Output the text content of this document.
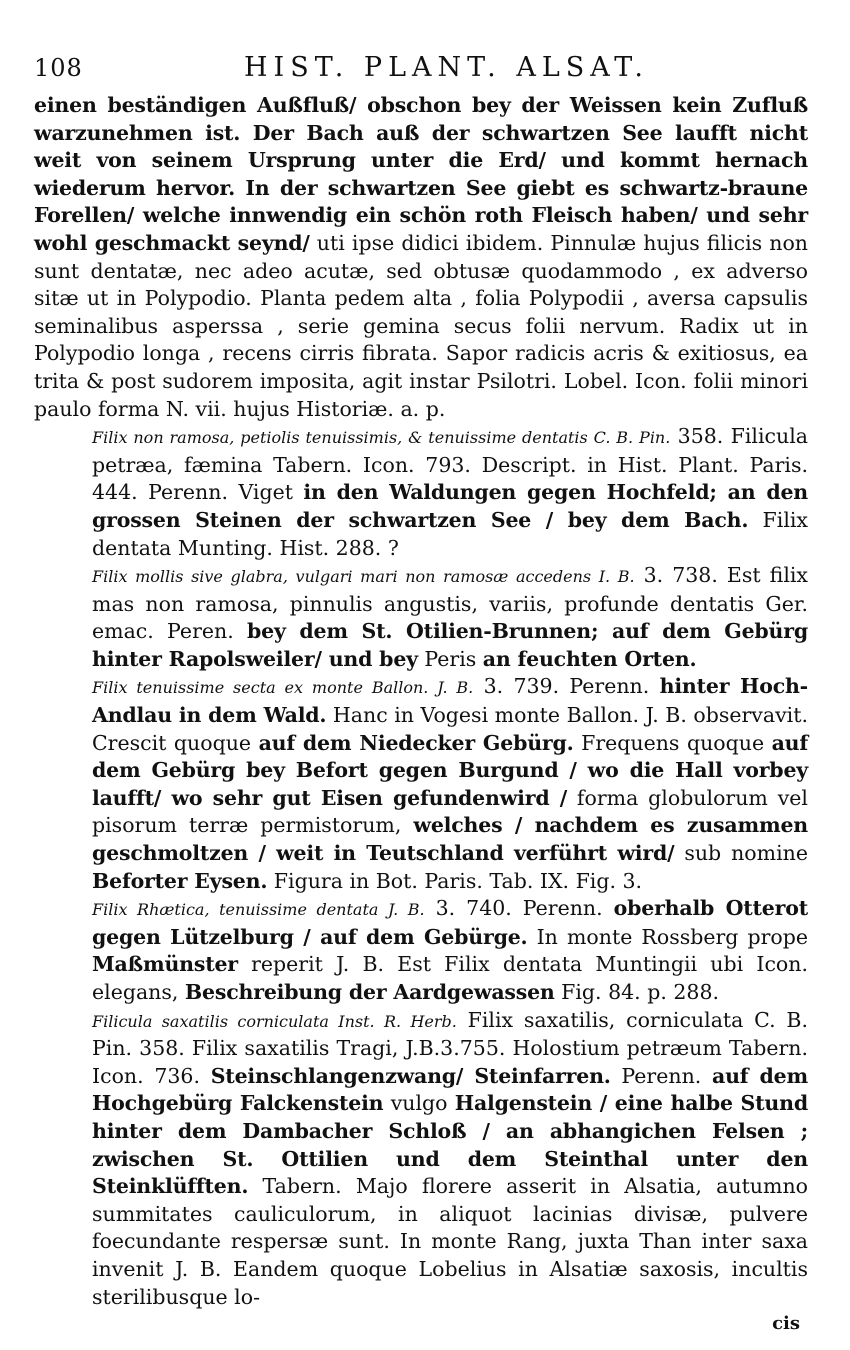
108	HIST. PLANT. ALSAT.

einen beständigen Außfluß/ obschon bey der Weissen kein Zufluß warzunehmen ist. Der Bach auß der schwartzen See laufft nicht weit von seinem Ursprung unter die Erd/ und kommt hernach wiederum hervor. In der schwartzen See giebt es schwartz-braune Forellen/ welche innwendig ein schön roth Fleisch haben/ und sehr wohl geschmackt seynd/ uti ipse didici ibidem. Pinnulæ hujus filicis non sunt dentatæ, nec adeo acutæ, sed obtusæ quodammodo , ex adverso sitæ ut in Polypodio. Planta pedem alta , folia Polypodii , aversa capsulis seminalibus asperssa , serie gemina secus folii nervum. Radix ut in Polypodio longa , recens cirris fibrata. Sapor radicis acris & exitiosus, ea trita & post sudorem imposita, agit instar Psilotri. Lobel. Icon. folii minori paulo forma N. vii. hujus Historiæ. a. p.

Filix non ramosa, petiolis tenuissimis, & tenuissime dentatis C. B. Pin. 358. Filicula petræa, fæmina Tabern. Icon. 793. Descript. in Hist. Plant. Paris. 444. Perenn. Viget in den Waldungen gegen Hochfeld; an den grossen Steinen der schwartzen See / bey dem Bach. Filix dentata Munting. Hist. 288. ?

Filix mollis sive glabra, vulgari mari non ramosæ accedens I. B. 3. 738. Est filix mas non ramosa, pinnulis angustis, variis, profunde dentatis Ger. emac. Peren. bey dem St. Otilien-Brunnen; auf dem Gebürg hinter Rapolsweiler/ und bey Peris an feuchten Orten.

Filix tenuissime secta ex monte Ballon. J. B. 3. 739. Perenn. hinter Hoch-Andlau in dem Wald. Hanc in Vogesi monte Ballon. J. B. observavit. Crescit quoque auf dem Niedecker Gebürg. Frequens quoque auf dem Gebürg bey Befort gegen Burgund / wo die Hall vorbey laufft/ wo sehr gut Eisen gefundenwird / forma globulorum vel pisorum terræ permistorum, welches / nachdem es zusammen geschmoltzen / weit in Teutschland verführt wird/ sub nomine Beforter Eysen. Figura in Bot. Paris. Tab. IX. Fig. 3.

Filix Rhætica, tenuissime dentata J. B. 3. 740. Perenn. oberhalb Otterot gegen Lützelburg / auf dem Gebürge. In monte Rossberg prope Maßmünster reperit J. B. Est Filix dentata Muntingii ubi Icon. elegans, Beschreibung der Aardgewassen Fig. 84. p. 288.

Filicula saxatilis corniculata Inst. R. Herb. Filix saxatilis, corniculata C. B. Pin. 358. Filix saxatilis Tragi, J.B.3.755. Holostium petræum Tabern. Icon. 736. Steinschlangenzwang/ Steinfarren. Perenn. auf dem Hochgebürg Falckenstein vulgo Halgenstein / eine halbe Stund hinter dem Dambacher Schloß / an abhangichen Felsen ; zwischen St. Ottilien und dem Steinthal unter den Steinklüfften. Tabern. Majo florere asserit in Alsatia, autumno summitates cauliculorum, in aliquot lacinias divisæ, pulvere foecundante respersæ sunt. In monte Rang, juxta Than inter saxa invenit J. B. Eandem quoque Lobelius in Alsatiæ saxosis, incultis sterilibusque lo-

cis
